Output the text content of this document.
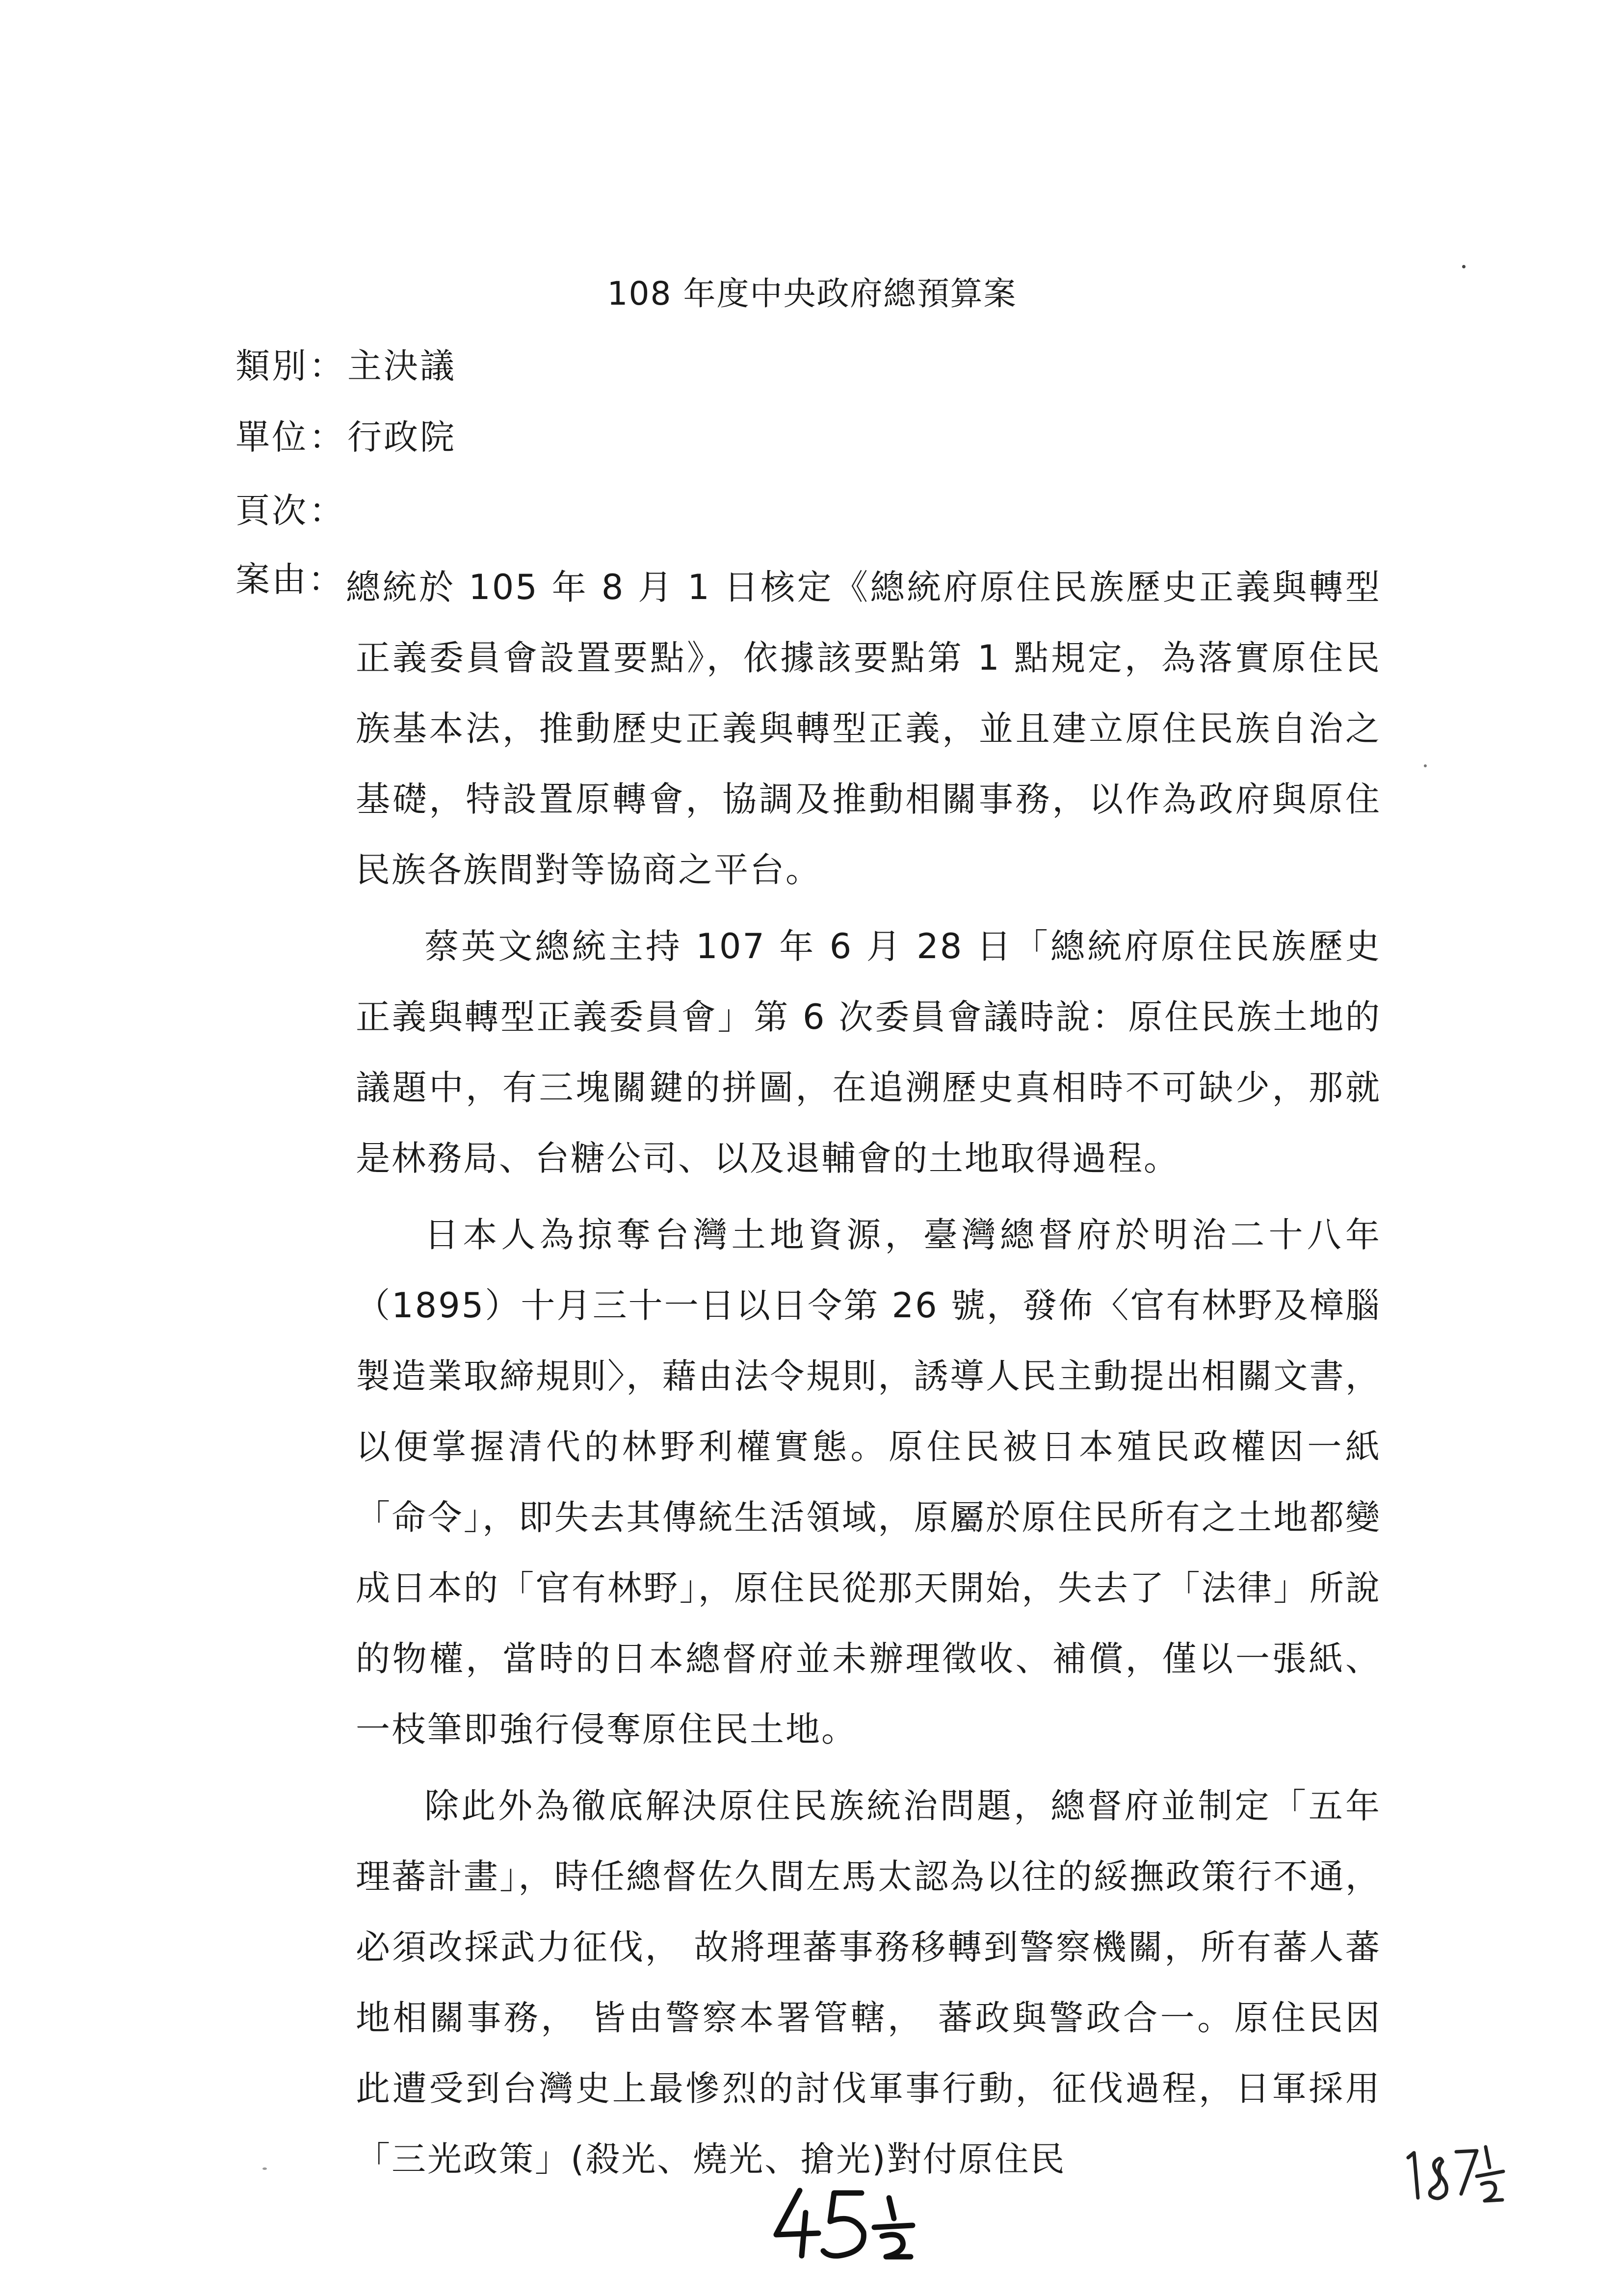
108 年度中央政府總預算案
類別：主決議
單位：行政院
頁次：
案由： 總統於 105 年 8 月 1 日核定《總統府原住民族歷史正義與轉型正義委員會設置要點》，依據該要點第 1 點規定，為落實原住民族基本法，推動歷史正義與轉型正義，並且建立原住民族自治之基礎，特設置原轉會，協調及推動相關事務，以作為政府與原住民族各族間對等協商之平台。

蔡英文總統主持 107 年 6 月 28 日「總統府原住民族歷史正義與轉型正義委員會」第 6 次委員會議時說：原住民族土地的議題中，有三塊關鍵的拼圖，在追溯歷史真相時不可缺少，那就是林務局、台糖公司、以及退輔會的土地取得過程。

日本人為掠奪台灣土地資源，臺灣總督府於明治二十八年（1895）十月三十一日以日令第 26 號，發佈〈官有林野及樟腦製造業取締規則〉，藉由法令規則，誘導人民主動提出相關文書，以便掌握清代的林野利權實態。原住民被日本殖民政權因一紙「命令」，即失去其傳統生活領域，原屬於原住民所有之土地都變成日本的「官有林野」，原住民從那天開始，失去了「法律」所說的物權，當時的日本總督府並未辦理徵收、補償，僅以一張紙、一枝筆即強行侵奪原住民土地。

除此外為徹底解決原住民族統治問題，總督府並制定「五年理蕃計畫」，時任總督佐久間左馬太認為以往的綏撫政策行不通， 必須改採武力征伐， 故將理蕃事務移轉到警察機關，所有蕃人蕃地相關事務， 皆由警察本署管轄， 蕃政與警政合一。原住民因此遭受到台灣史上最慘烈的討伐軍事行動，征伐過程，日軍採用「三光政策」(殺光、燒光、搶光)對付原住民
